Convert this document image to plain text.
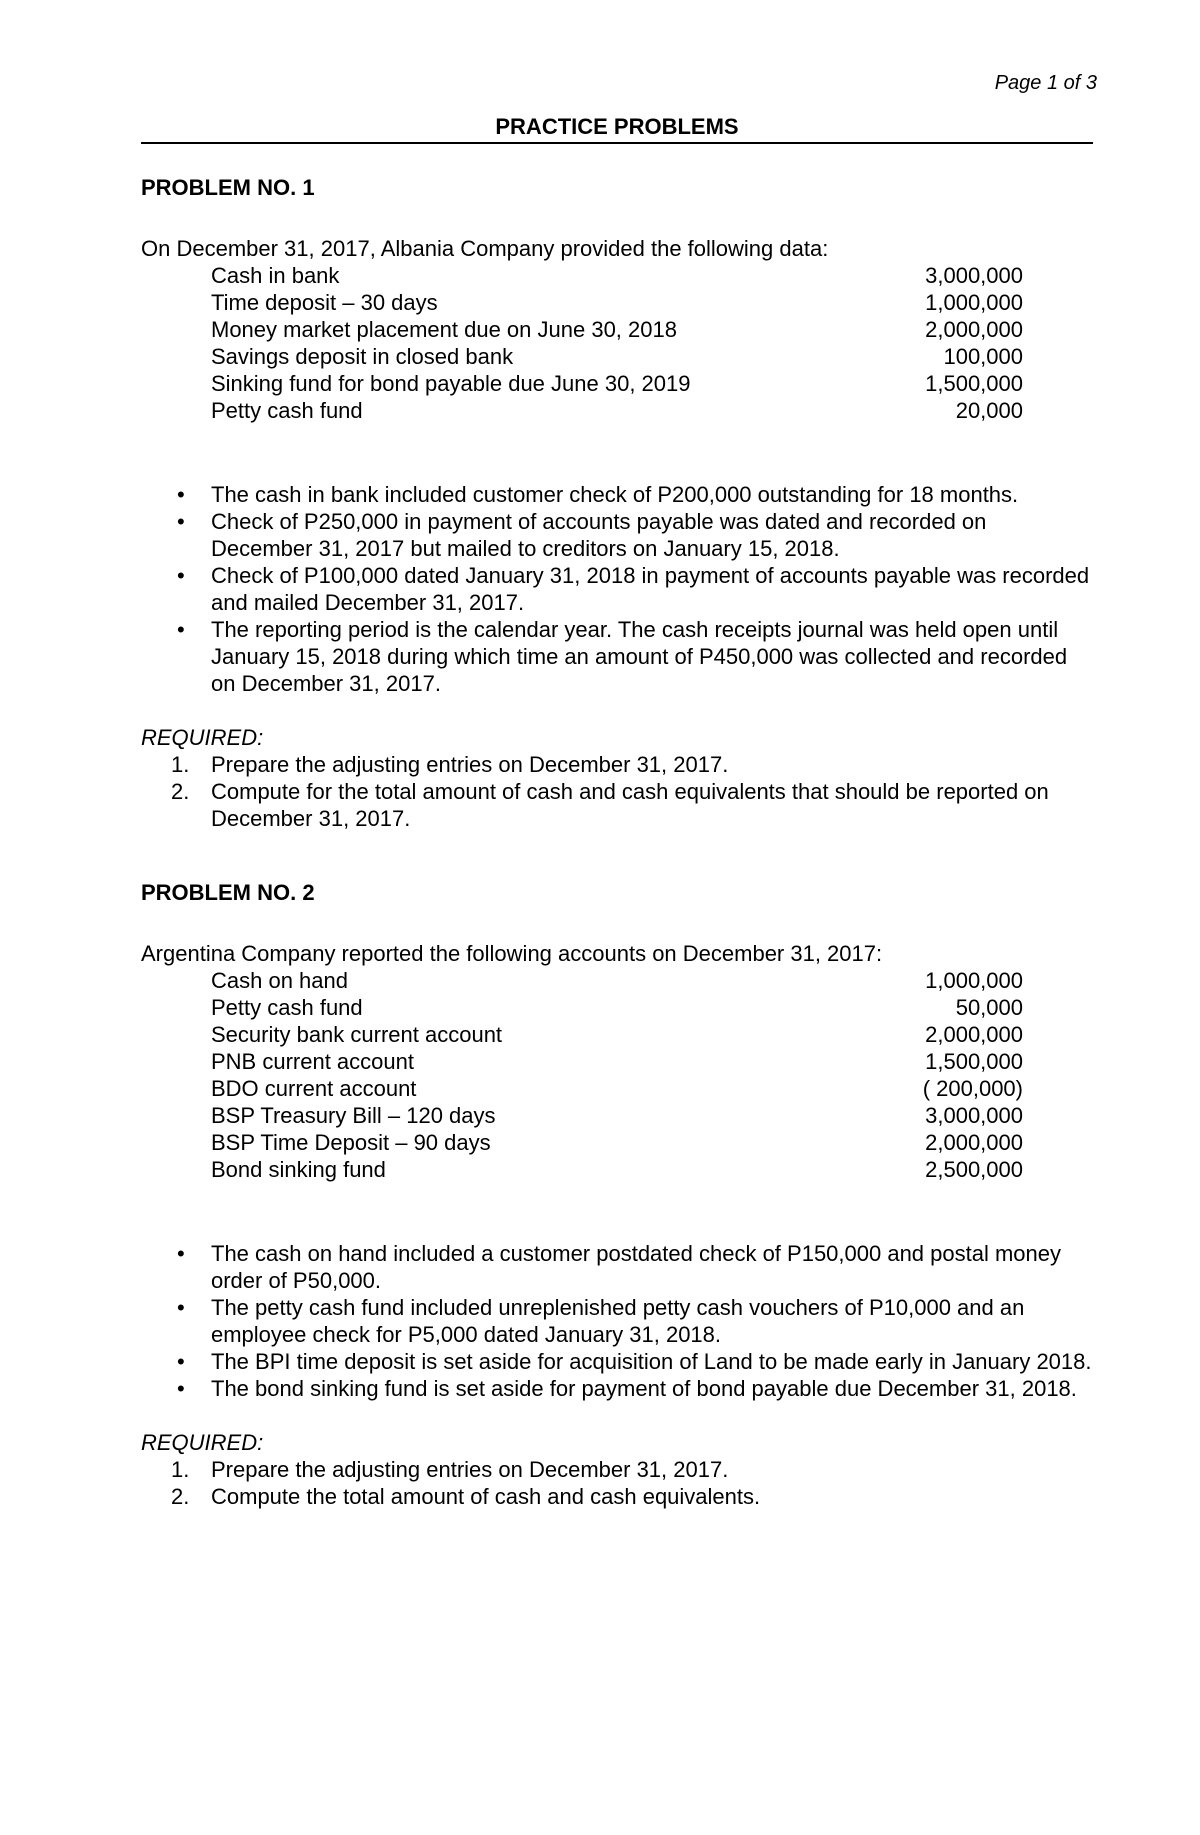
Page 1 of 3
PRACTICE PROBLEMS
PROBLEM NO. 1
On December 31, 2017, Albania Company provided the following data:
Cash in bank	3,000,000
Time deposit – 30 days	1,000,000
Money market placement due on June 30, 2018	2,000,000
Savings deposit in closed bank	100,000
Sinking fund for bond payable due June 30, 2019	1,500,000
Petty cash fund	20,000
• The cash in bank included customer check of P200,000 outstanding for 18 months.
• Check of P250,000 in payment of accounts payable was dated and recorded on December 31, 2017 but mailed to creditors on January 15, 2018.
• Check of P100,000 dated January 31, 2018 in payment of accounts payable was recorded and mailed December 31, 2017.
• The reporting period is the calendar year. The cash receipts journal was held open until January 15, 2018 during which time an amount of P450,000 was collected and recorded on December 31, 2017.
REQUIRED:
1. Prepare the adjusting entries on December 31, 2017.
2. Compute for the total amount of cash and cash equivalents that should be reported on December 31, 2017.
PROBLEM NO. 2
Argentina Company reported the following accounts on December 31, 2017:
Cash on hand	1,000,000
Petty cash fund	50,000
Security bank current account	2,000,000
PNB current account	1,500,000
BDO current account	( 200,000)
BSP Treasury Bill – 120 days	3,000,000
BSP Time Deposit – 90 days	2,000,000
Bond sinking fund	2,500,000
• The cash on hand included a customer postdated check of P150,000 and postal money order of P50,000.
• The petty cash fund included unreplenished petty cash vouchers of P10,000 and an employee check for P5,000 dated January 31, 2018.
• The BPI time deposit is set aside for acquisition of Land to be made early in January 2018.
• The bond sinking fund is set aside for payment of bond payable due December 31, 2018.
REQUIRED:
1. Prepare the adjusting entries on December 31, 2017.
2. Compute the total amount of cash and cash equivalents.
